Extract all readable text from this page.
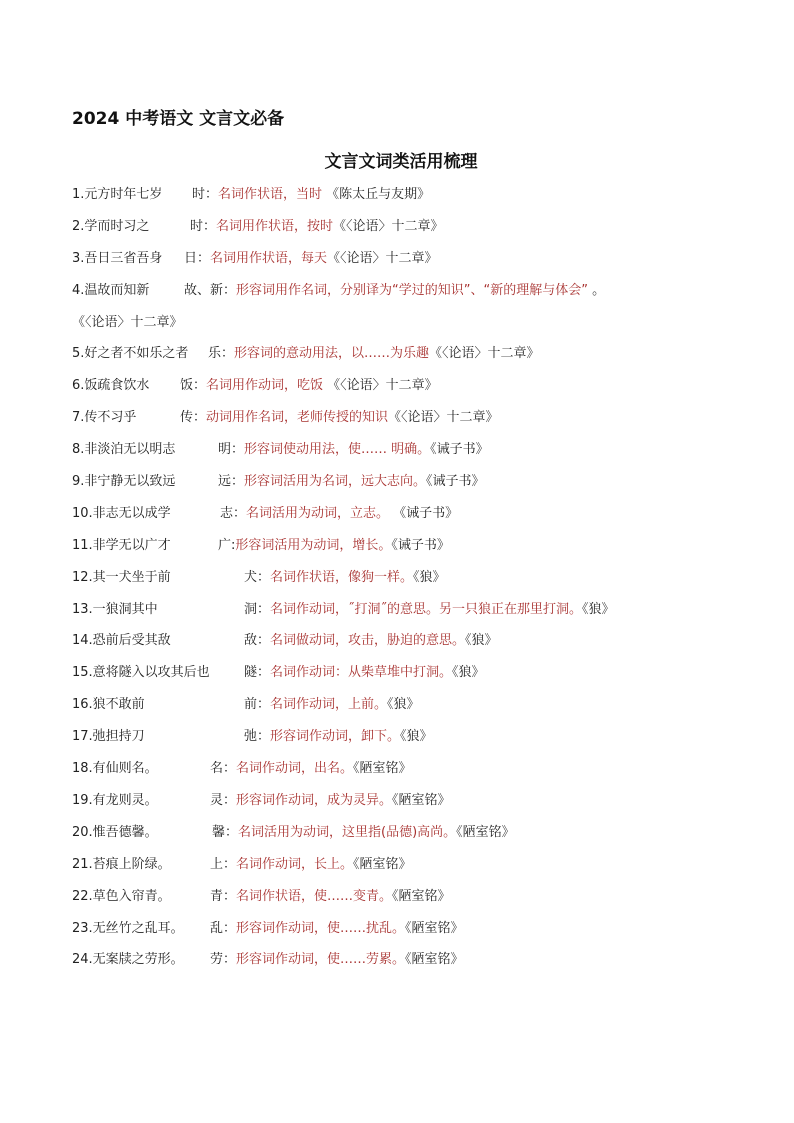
2024 中考语文 文言文必备
文言文词类活用梳理
1.元方时年七岁 时：名词作状语，当时 《陈太丘与友期》
2.学而时习之	时：名词用作状语，按时《〈论语〉十二章》
3.吾日三省吾身 日：名词用作状语，每天《〈论语〉十二章》
4.温故而知新	故、新：形容词用作名词，分别译为“学过的知识”、“新的理解与体会” 。
《〈论语〉十二章》
5.好之者不如乐之者 乐：形容词的意动用法，以……为乐趣《〈论语〉十二章》
6.饭疏食饮水 饭：名词用作动词，吃饭 《〈论语〉十二章》
7.传不习乎	传：动词用作名词，老师传授的知识《〈论语〉十二章》
8.非淡泊无以明志	明：形容词使动用法，使…… 明确。《诫子书》
9.非宁静无以致远	远：形容词活用为名词，远大志向。《诫子书》
10.非志无以成学	志：名词活用为动词，立志。 《诫子书》
11.非学无以广才	广:形容词活用为动词，增长。《诫子书》
12.其一犬坐于前	犬：名词作状语，像狗一样。《狼》
13.一狼洞其中	洞：名词作动词，˝打洞˝的意思。另一只狼正在那里打洞。《狼》
14.恐前后受其敌	敌：名词做动词，攻击，胁迫的意思。《狼》
15.意将隧入以攻其后也	隧：名词作动词：从柴草堆中打洞。《狼》
16.狼不敢前	前：名词作动词，上前。《狼》
17.弛担持刀	弛：形容词作动词，卸下。《狼》
18.有仙则名。	名：名词作动词，出名。《陋室铭》
19.有龙则灵。	灵：形容词作动词，成为灵异。《陋室铭》
20.惟吾德馨。	馨：名词活用为动词，这里指(品德)高尚。《陋室铭》
21.苔痕上阶绿。	上：名词作动词，长上。《陋室铭》
22.草色入帘青。	青：名词作状语，使……变青。《陋室铭》
23.无丝竹之乱耳。 乱：形容词作动词，使……扰乱。《陋室铭》
24.无案牍之劳形。 劳：形容词作动词，使……劳累。《陋室铭》
